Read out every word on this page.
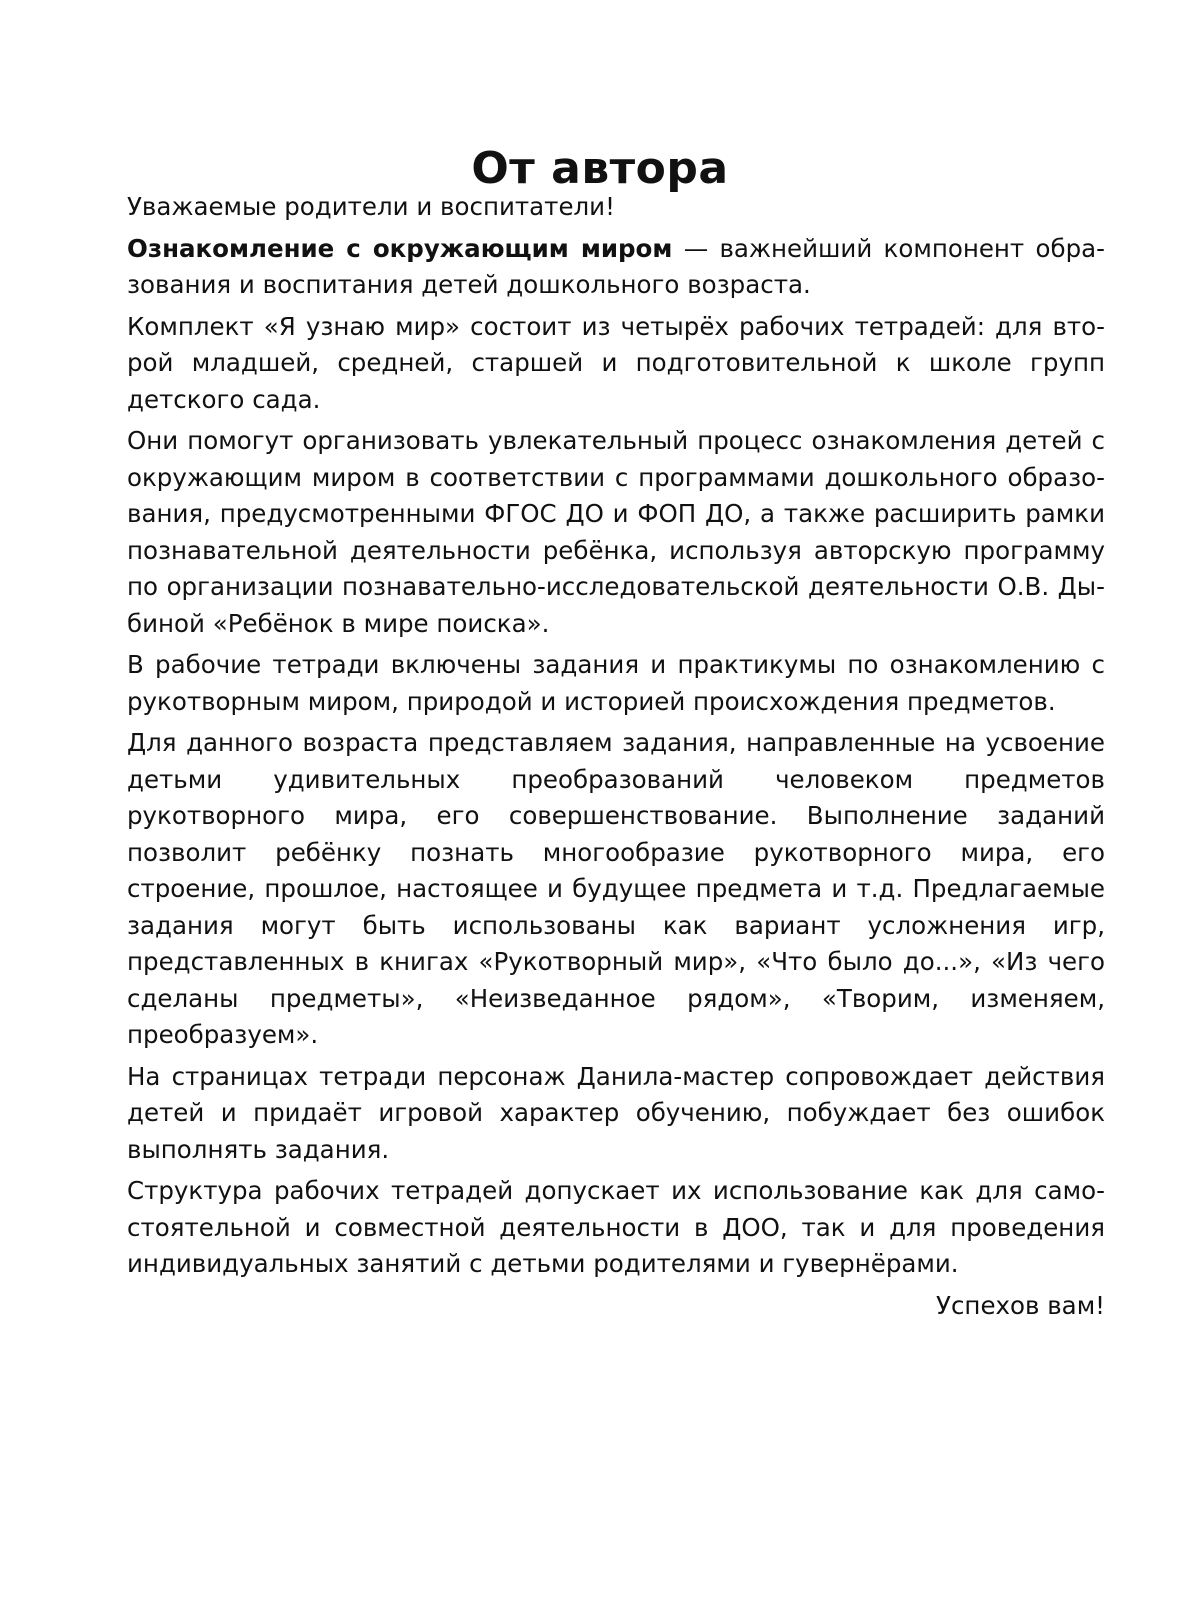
От автора

Уважаемые родители и воспитатели!

Ознакомление с окружающим миром — важнейший компонент образования и воспитания детей дошкольного возраста.

Комплект «Я узнаю мир» состоит из четырёх рабочих тетрадей: для второй младшей, средней, старшей и подготовительной к школе групп детского сада.

Они помогут организовать увлекательный процесс ознакомления детей с окружающим миром в соответствии с программами дошкольного образования, предусмотренными ФГОС ДО и ФОП ДО, а также расширить рамки познавательной деятельности ребёнка, используя авторскую программу по организации познавательно-исследовательской деятельности О.В. Дыбиной «Ребёнок в мире поиска».

В рабочие тетради включены задания и практикумы по ознакомлению с рукотворным миром, природой и историей происхождения предметов.

Для данного возраста представляем задания, направленные на усвоение детьми удивительных преобразований человеком предметов рукотворного мира, его совершенствование. Выполнение заданий позволит ребёнку познать многообразие рукотворного мира, его строение, прошлое, настоящее и будущее предмета и т.д. Предлагаемые задания могут быть использованы как вариант усложнения игр, представленных в книгах «Рукотворный мир», «Что было до...», «Из чего сделаны предметы», «Неизведанное рядом», «Творим, изменяем, преобразуем».

На страницах тетради персонаж Данила-мастер сопровождает действия детей и придаёт игровой характер обучению, побуждает без ошибок выполнять задания.

Структура рабочих тетрадей допускает их использование как для самостоятельной и совместной деятельности в ДОО, так и для проведения индивидуальных занятий с детьми родителями и гувернёрами.

Успехов вам!
